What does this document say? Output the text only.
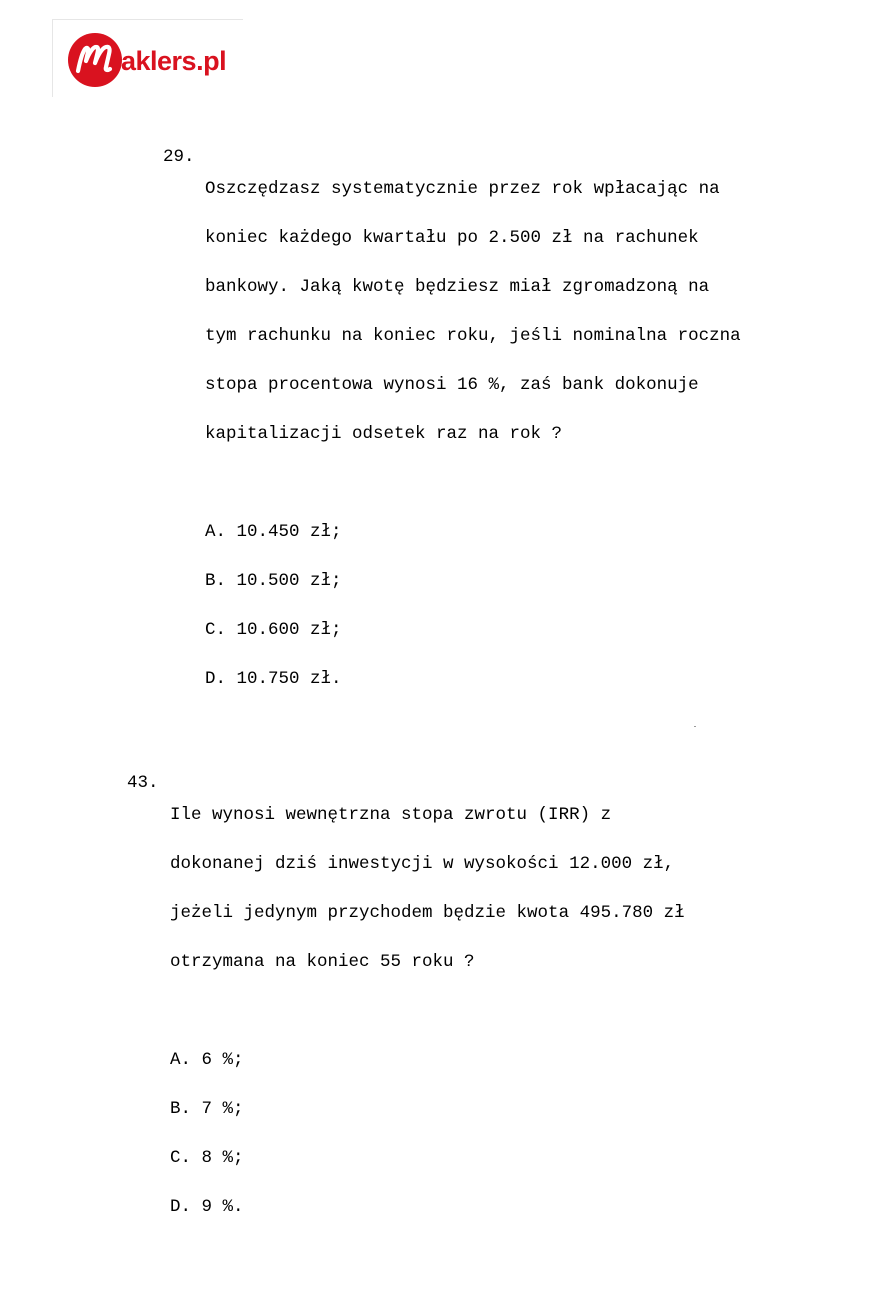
aklers.pl

29.

Oszczędzasz systematycznie przez rok wpłacając na

koniec każdego kwartału po 2.500 zł na rachunek

bankowy. Jaką kwotę będziesz miał zgromadzoną na

tym rachunku na koniec roku, jeśli nominalna roczna

stopa procentowa wynosi 16 %, zaś bank dokonuje

kapitalizacji odsetek raz na rok ?

A. 10.450 zł;

B. 10.500 zł;

C. 10.600 zł;

D. 10.750 zł.

43.

Ile wynosi wewnętrzna stopa zwrotu (IRR) z

dokonanej dziś inwestycji w wysokości 12.000 zł,

jeżeli jedynym przychodem będzie kwota 495.780 zł

otrzymana na koniec 55 roku ?

A. 6 %;

B. 7 %;

C. 8 %;

D. 9 %.
